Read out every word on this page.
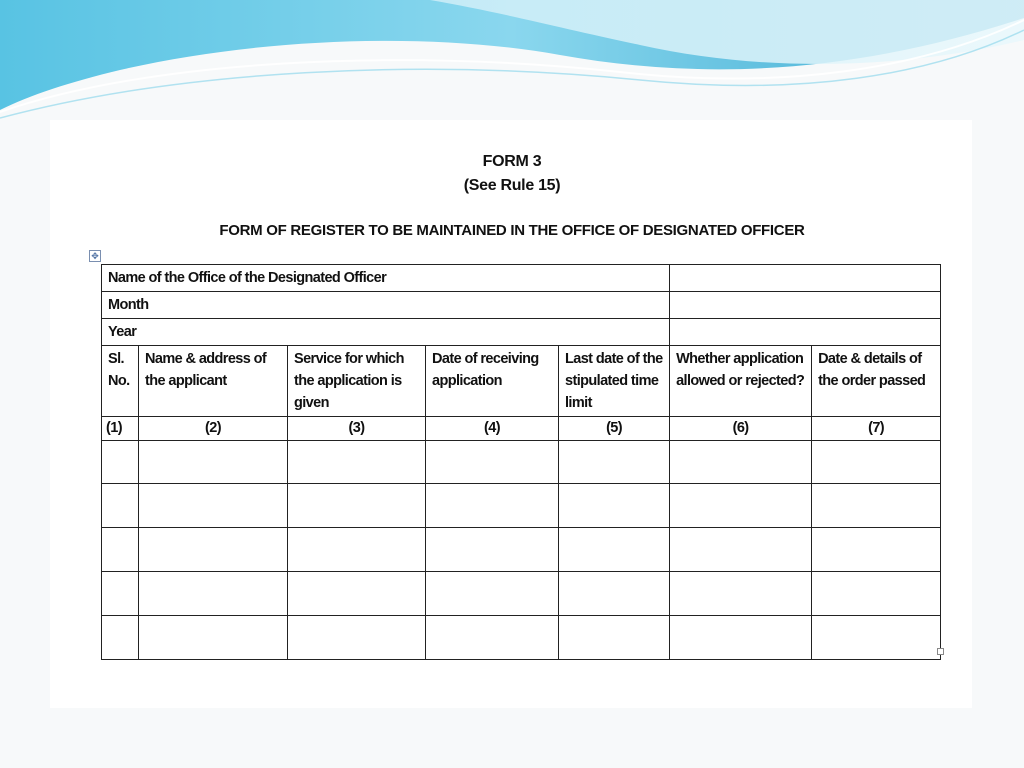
FORM 3
(See Rule 15)
FORM OF REGISTER TO BE MAINTAINED IN THE OFFICE OF DESIGNATED OFFICER
✥
Name of the Office of the Designated Officer						
Month						
Year						
Sl. No.	Name & address of the applicant	Service for which the application is given	Date of receiving application	Last date of the stipulated time limit	Whether application allowed or rejected?	Date & details of the order passed
(1)	(2)	(3)	(4)	(5)	(6)	(7)
